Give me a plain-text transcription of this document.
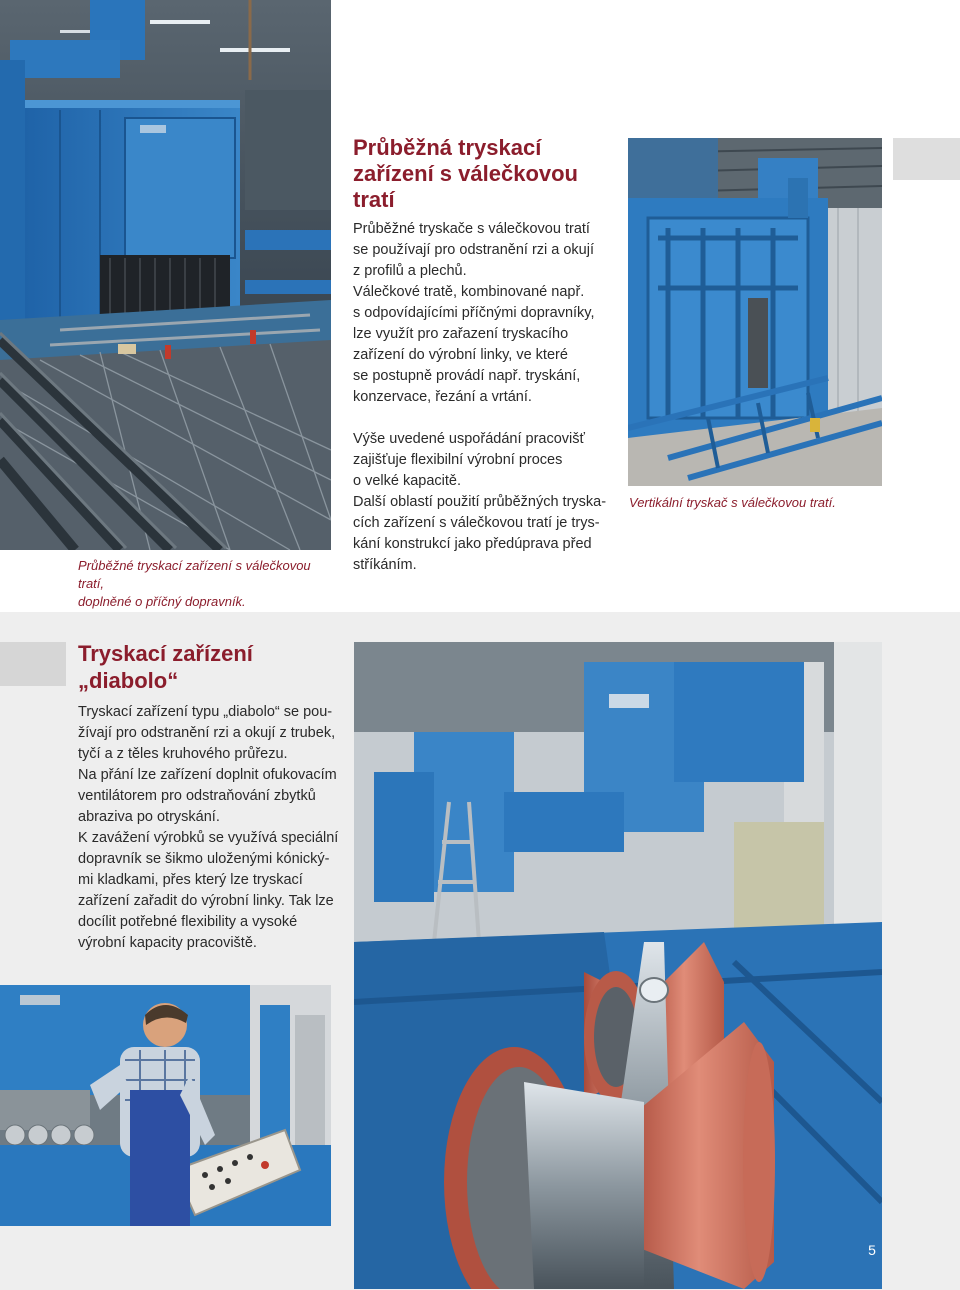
Průběžná tryskací
zařízení s válečkovou
tratí

Průběžné tryskače s válečkovou tratí

se používají pro odstranění rzi a okují

z profilů a plechů.

Válečkové tratě, kombinované např.

s odpovídajícími příčnými dopravníky,

lze využít pro zařazení tryskacího

zařízení do výrobní linky, ve které

se postupně provádí např. tryskání,

konzervace, řezání a vrtání.

Výše uvedené uspořádání pracovišť

zajišťuje flexibilní výrobní proces

o velké kapacitě.

Další oblastí použití průběžných tryska-

cích zařízení s válečkovou tratí je trys-

kání konstrukcí jako předúprava před

stříkáním.

Průběžné tryskací zařízení s válečkovou tratí,
doplněné o příčný dopravník.
Vertikální tryskač s válečkovou tratí.
Tryskací zařízení
„diabolo“

Tryskací zařízení typu „diabolo“ se pou-

žívají pro odstranění rzi a okují z trubek,

tyčí a z těles kruhového průřezu.

Na přání lze zařízení doplnit ofukovacím

ventilátorem pro odstraňování zbytků

abraziva po otryskání.

K zavážení výrobků se využívá speciální

dopravník se šikmo uloženými kónický-

mi kladkami, přes který lze tryskací

zařízení zařadit do výrobní linky. Tak lze

docílit potřebné flexibility a vysoké

výrobní kapacity pracoviště.

5
